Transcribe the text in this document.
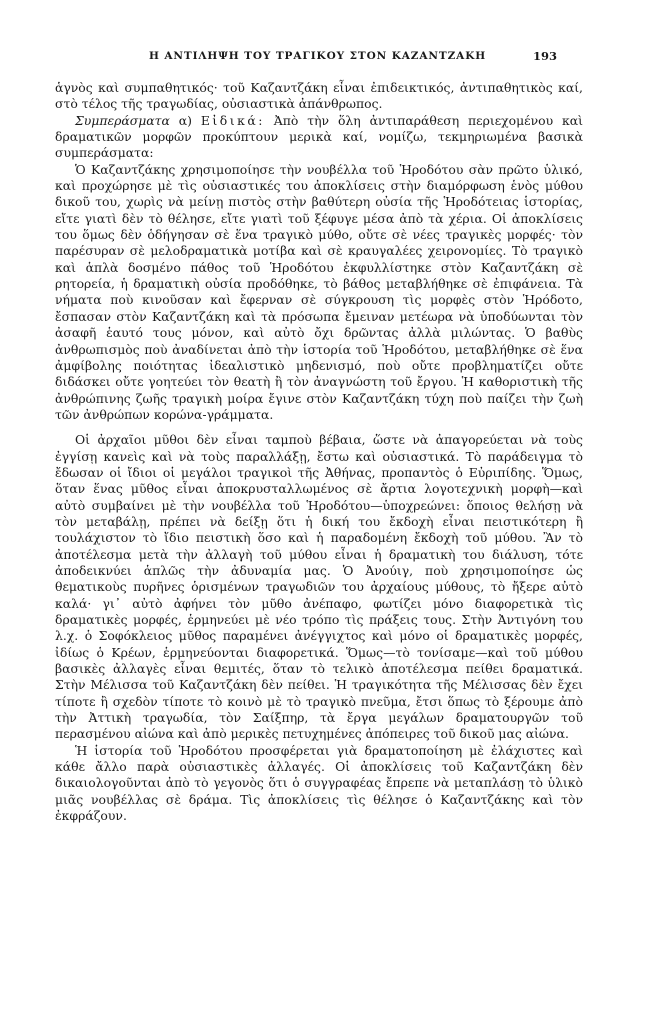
Η ΑΝΤΙΛΗΨΗ ΤΟΥ ΤΡΑΓΙΚΟΥ ΣΤΟΝ ΚΑΖΑΝΤΖΑΚΗ	193

ἁγνὸς καὶ συμπαθητικός· τοῦ Καζαντζάκη εἶναι ἐπιδεικτικός, ἀντιπαθητικὸς καί, στὸ τέλος τῆς τραγωδίας, οὐσιαστικὰ ἀπάνθρωπος.

Συμπεράσματα α) Εἰδικά: Ἀπὸ τὴν ὅλη ἀντιπαράθεση περιεχομένου καὶ δραματικῶν μορφῶν προκύπτουν μερικὰ καί, νομίζω, τεκμηριωμένα βασικὰ συμπεράσματα:

Ὁ Καζαντζάκης χρησιμοποίησε τὴν νουβέλλα τοῦ Ἡροδότου σὰν πρῶτο ὑλικό, καὶ προχώρησε μὲ τὶς οὐσιαστικές του ἀποκλίσεις στὴν διαμόρφωση ἑνὸς μύθου δικοῦ του, χωρὶς νὰ μείνῃ πιστὸς στὴν βαθύτερη οὐσία τῆς Ἡροδότειας ἱστορίας, εἴτε γιατὶ δὲν τὸ θέλησε, εἴτε γιατὶ τοῦ ξέφυγε μέσα ἀπὸ τὰ χέρια. Οἱ ἀποκλίσεις του ὅμως δὲν ὁδήγησαν σὲ ἕνα τραγικὸ μύθο, οὔτε σὲ νέες τραγικὲς μορφές· τὸν παρέσυραν σὲ μελοδραματικὰ μοτίβα καὶ σὲ κραυγαλέες χειρονομίες. Τὸ τραγικὸ καὶ ἁπλὰ δοσμένο πάθος τοῦ Ἡροδότου ἐκφυλλίστηκε στὸν Καζαντζάκη σὲ ρητορεία, ἡ δραματικὴ οὐσία προδόθηκε, τὸ βάθος μεταβλήθηκε σὲ ἐπιφάνεια. Τὰ νήματα ποὺ κινοῦσαν καὶ ἔφερναν σὲ σύγκρουση τὶς μορφὲς στὸν Ἡρόδοτο, ἔσπασαν στὸν Καζαντζάκη καὶ τὰ πρόσωπα ἔμειναν μετέωρα νὰ ὑποδύωνται τὸν ἀσαφῆ ἑαυτό τους μόνον, καὶ αὐτὸ ὄχι δρῶντας ἀλλὰ μιλώντας. Ὁ βαθὺς ἀνθρωπισμὸς ποὺ ἀναδίνεται ἀπὸ τὴν ἱστορία τοῦ Ἡροδότου, μεταβλήθηκε σὲ ἕνα ἀμφίβολης ποιότητας ἰδεαλιστικὸ μηδενισμό, ποὺ οὔτε προβληματίζει οὔτε διδάσκει οὔτε γοητεύει τὸν θεατὴ ἢ τὸν ἀναγνώστη τοῦ ἔργου. Ἡ καθοριστικὴ τῆς ἀνθρώπινης ζωῆς τραγικὴ μοίρα ἔγινε στὸν Καζαντζάκη τύχη ποὺ παίζει τὴν ζωὴ τῶν ἀνθρώπων κορώνα-γράμματα.

Οἱ ἀρχαῖοι μῦθοι δὲν εἶναι ταμποὺ βέβαια, ὥστε νὰ ἀπαγορεύεται νὰ τοὺς ἐγγίσῃ κανεὶς καὶ νὰ τοὺς παραλλάξῃ, ἔστω καὶ οὐσιαστικά. Τὸ παράδειγμα τὸ ἔδωσαν οἱ ἴδιοι οἱ μεγάλοι τραγικοὶ τῆς Ἀθήνας, προπαντὸς ὁ Εὐριπίδης. Ὅμως, ὅταν ἕνας μῦθος εἶναι ἀποκρυσταλλωμένος σὲ ἄρτια λογοτεχνικὴ μορφὴ—καὶ αὐτὸ συμβαίνει μὲ τὴν νουβέλλα τοῦ Ἡροδότου—ὑποχρεώνει: ὅποιος θελήσῃ νὰ τὸν μεταβάλῃ, πρέπει νὰ δείξῃ ὅτι ἡ δική του ἔκδοχὴ εἶναι πειστικότερη ἢ τουλάχιστον τὸ ἴδιο πειστικὴ ὅσο καὶ ἡ παραδομένη ἔκδοχὴ τοῦ μύθου. Ἂν τὸ ἀποτέλεσμα μετὰ τὴν ἀλλαγὴ τοῦ μύθου εἶναι ἡ δραματικὴ του διάλυση, τότε ἀποδεικνύει ἁπλῶς τὴν ἀδυναμία μας. Ὁ Ἀνούιγ, ποὺ χρησιμοποίησε ὡς θεματικοὺς πυρῆνες ὁρισμένων τραγωδιῶν του ἀρχαίους μύθους, τὸ ἤξερε αὐτὸ καλά· γι᾽ αὐτὸ ἀφήνει τὸν μῦθο ἀνέπαφο, φωτίζει μόνο διαφορετικὰ τὶς δραματικὲς μορφές, ἑρμηνεύει μὲ νέο τρόπο τὶς πράξεις τους. Στὴν Ἀντιγόνη του λ.χ. ὁ Σοφόκλειος μῦθος παραμένει ἀνέγγιχτος καὶ μόνο οἱ δραματικὲς μορφές, ἰδίως ὁ Κρέων, ἑρμηνεύονται διαφορετικά. Ὅμως—τὸ τονίσαμε—καὶ τοῦ μύθου βασικὲς ἀλλαγὲς εἶναι θεμιτές, ὅταν τὸ τελικὸ ἀποτέλεσμα πείθει δραματικά. Στὴν Μέλισσα τοῦ Καζαντζάκη δὲν πείθει. Ἡ τραγικότητα τῆς Μέλισσας δὲν ἔχει τίποτε ἢ σχεδὸν τίποτε τὸ κοινὸ μὲ τὸ τραγικὸ πνεῦμα, ἔτσι ὅπως τὸ ξέρουμε ἀπὸ τὴν Ἀττικὴ τραγωδία, τὸν Σαίξπηρ, τὰ ἔργα μεγάλων δραματουργῶν τοῦ περασμένου αἰώνα καὶ ἀπὸ μερικὲς πετυχημένες ἀπόπειρες τοῦ δικοῦ μας αἰώνα.

Ἡ ἱστορία τοῦ Ἡροδότου προσφέρεται γιὰ δραματοποίηση μὲ ἐλάχιστες καὶ κάθε ἄλλο παρὰ οὐσιαστικὲς ἀλλαγές. Οἱ ἀποκλίσεις τοῦ Καζαντζάκη δὲν δικαιολογοῦνται ἀπὸ τὸ γεγονὸς ὅτι ὁ συγγραφέας ἔπρεπε νὰ μεταπλάσῃ τὸ ὑλικὸ μιᾶς νουβέλλας σὲ δράμα. Τὶς ἀποκλίσεις τὶς θέλησε ὁ Καζαντζάκης καὶ τὸν ἐκφράζουν.
